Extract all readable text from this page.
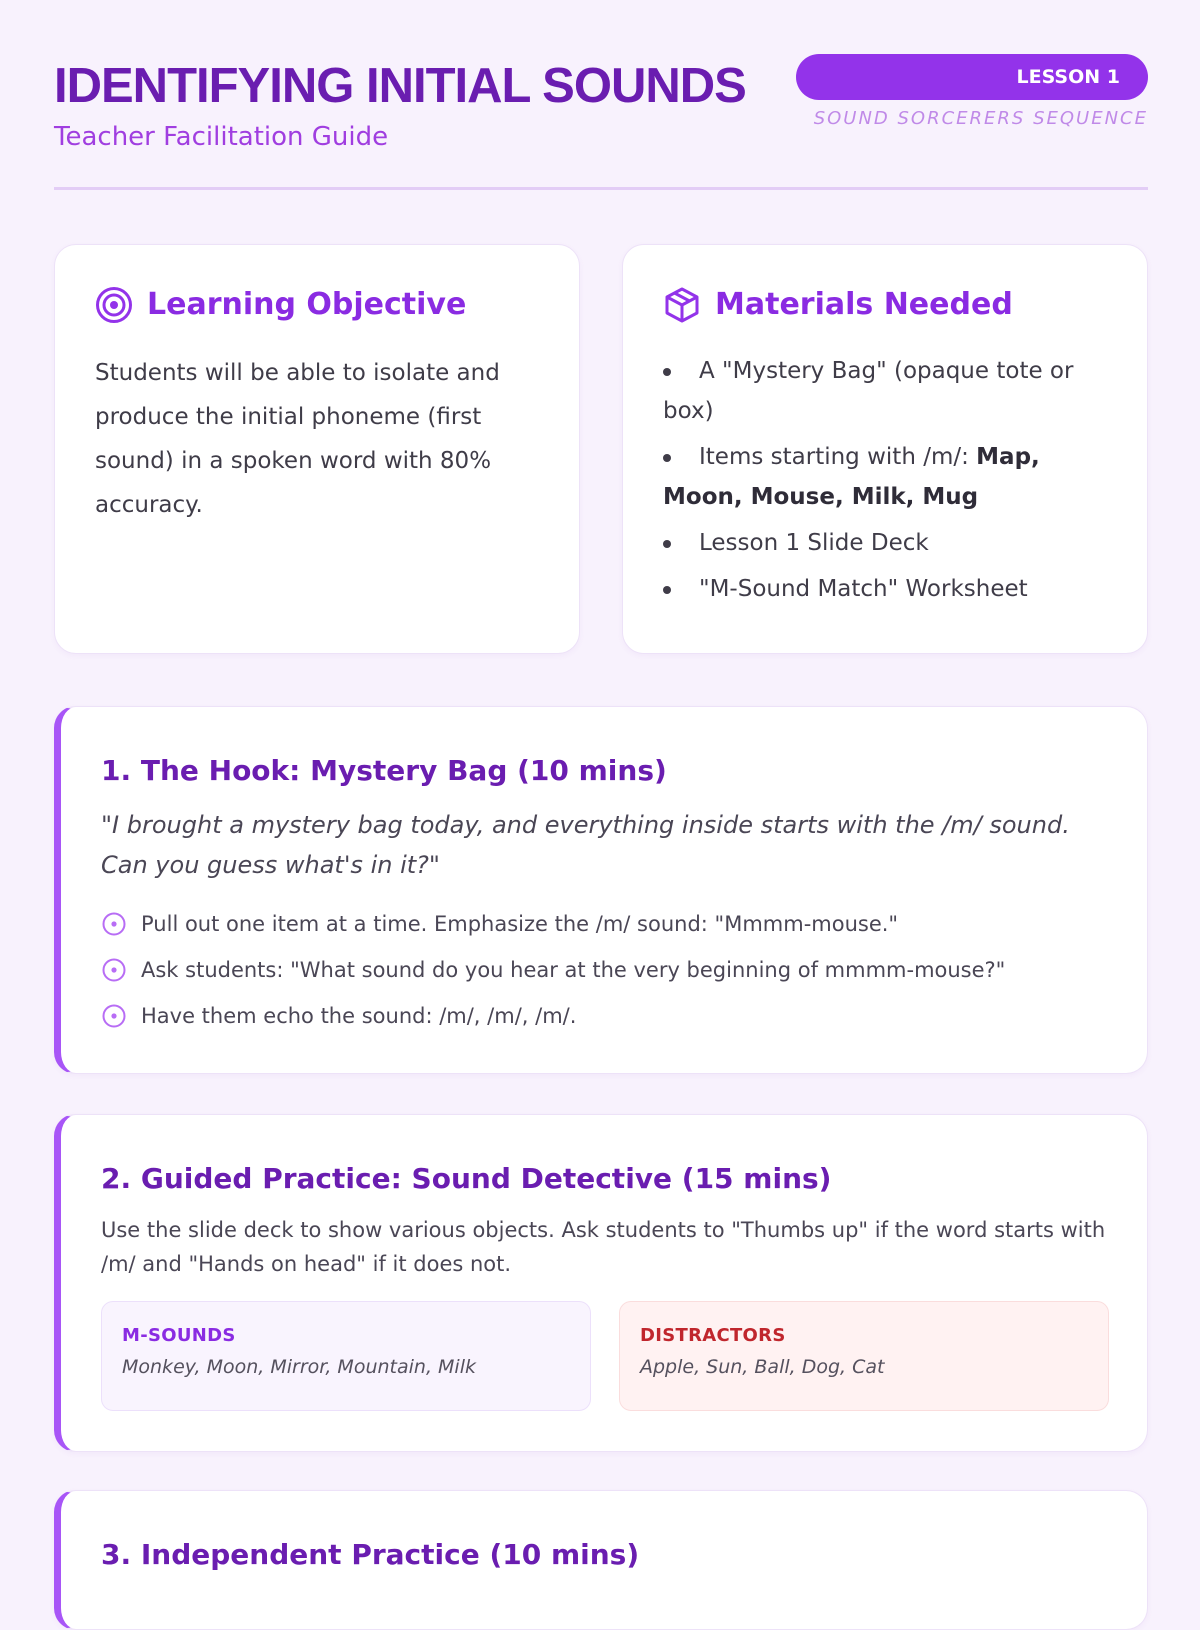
IDENTIFYING INITIAL SOUNDS
Teacher Facilitation Guide
LESSON 1
SOUND SORCERERS SEQUENCE
Learning Objective

Students will be able to isolate and produce the initial phoneme (first sound) in a spoken word with 80% accuracy.

Materials Needed
A "Mystery Bag" (opaque tote or box)
Items starting with /m/: Map, Moon, Mouse, Milk, Mug
Lesson 1 Slide Deck
"M-Sound Match" Worksheet
1. The Hook: Mystery Bag (10 mins)

"I brought a mystery bag today, and everything inside starts with the /m/ sound. Can you guess what's in it?"

Pull out one item at a time. Emphasize the /m/ sound: "Mmmm-mouse."
Ask students: "What sound do you hear at the very beginning of mmmm-mouse?"
Have them echo the sound: /m/, /m/, /m/.
2. Guided Practice: Sound Detective (15 mins)

Use the slide deck to show various objects. Ask students to "Thumbs up" if the word starts with /m/ and "Hands on head" if it does not.

M-SOUNDS
Monkey, Moon, Mirror, Mountain, Milk
DISTRACTORS
Apple, Sun, Ball, Dog, Cat
3. Independent Practice (10 mins)
